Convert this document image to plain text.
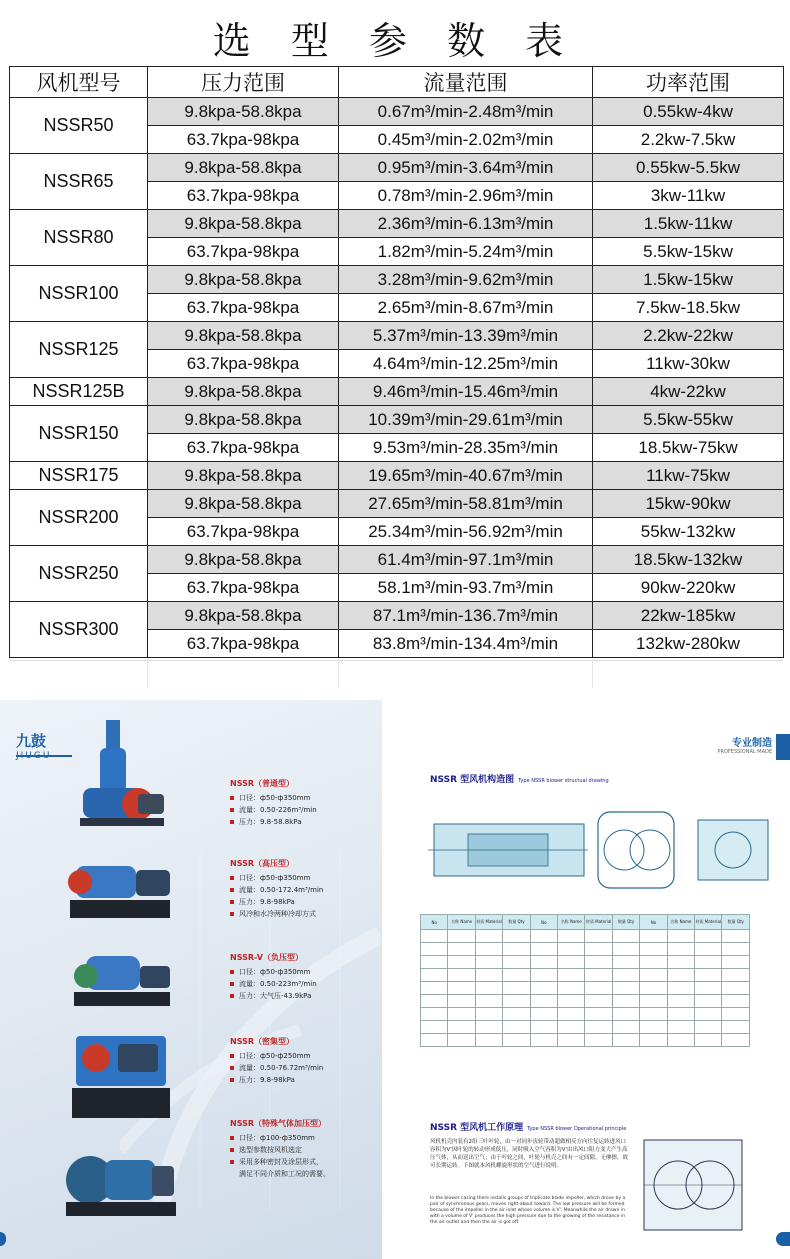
选 型 参 数 表
风机型号	压力范围	流量范围	功率范围
NSSR50	9.8kpa-58.8kpa	0.67m³/min-2.48m³/min	0.55kw-4kw
	63.7kpa-98kpa	0.45m³/min-2.02m³/min	2.2kw-7.5kw
NSSR65	9.8kpa-58.8kpa	0.95m³/min-3.64m³/min	0.55kw-5.5kw
	63.7kpa-98kpa	0.78m³/min-2.96m³/min	3kw-11kw
NSSR80	9.8kpa-58.8kpa	2.36m³/min-6.13m³/min	1.5kw-11kw
	63.7kpa-98kpa	1.82m³/min-5.24m³/min	5.5kw-15kw
NSSR100	9.8kpa-58.8kpa	3.28m³/min-9.62m³/min	1.5kw-15kw
	63.7kpa-98kpa	2.65m³/min-8.67m³/min	7.5kw-18.5kw
NSSR125	9.8kpa-58.8kpa	5.37m³/min-13.39m³/min	2.2kw-22kw
	63.7kpa-98kpa	4.64m³/min-12.25m³/min	11kw-30kw
NSSR125B	9.8kpa-58.8kpa	9.46m³/min-15.46m³/min	4kw-22kw
NSSR150	9.8kpa-58.8kpa	10.39m³/min-29.61m³/min	5.5kw-55kw
	63.7kpa-98kpa	9.53m³/min-28.35m³/min	18.5kw-75kw
NSSR175	9.8kpa-58.8kpa	19.65m³/min-40.67m³/min	11kw-75kw
NSSR200	9.8kpa-58.8kpa	27.65m³/min-58.81m³/min	15kw-90kw
	63.7kpa-98kpa	25.34m³/min-56.92m³/min	55kw-132kw
NSSR250	9.8kpa-58.8kpa	61.4m³/min-97.1m³/min	18.5kw-132kw
	63.7kpa-98kpa	58.1m³/min-93.7m³/min	90kw-220kw
NSSR300	9.8kpa-58.8kpa	87.1m³/min-136.7m³/min	22kw-185kw
	63.7kpa-98kpa	83.8m³/min-134.4m³/min	132kw-280kw
九鼓
NSSR（普通型）
口径：ф50-ф350mm
流量：0.50-226m³/min
压力：9.8-58.8kPa
NSSR（高压型）
口径：ф50-ф350mm
流量：0.50-172.4m³/min
压力：9.8-98kPa
风冷和水冷两种冷却方式
NSSR-V（负压型）
口径：ф50-ф350mm
流量：0.50-223m³/min
压力：大气压-43.9kPa
NSSR（密集型）
口径：ф50-ф250mm
流量：0.50-76.72m³/min
压力：9.8-98kPa
NSSR（特殊气体加压型）
口径：ф100-ф350mm
选型参数按风机选定
采用多种密封及涂层形式，
满足不同介质和工况的需要。
专业制造
PROFESSIONAL MADE
NSSR 型风机构造图 Type NSSR blower structual drawing
No	名称 Name	材质 Material	数量 Qty	No	名称 Name	材质 Material	数量 Qty	No	名称 Name	材质 Material	数量 Qty

NSSR 型风机工作原理 Type NSSR blower Operational principle
风机机壳内装有2组三叶叶轮，由一对同步齿轮带动超做相反方向往复运转进风口容积为V'因叶轮的转动形成低压，同时吸入空气容积为V'由出风口阻力变大产生高压气体，从而送出空气；由于叶轮之间，叶轮与机壳之间有一定间隙，无摩擦，故可长期运转。下图就本风机螺旋形状的空气进行说明。
In the blower casing there installs groups of triplicate blade impeller, which drove by a pair of synchronous gears, moves right-about toward. The low pressure will be formed because of the impeller in the air inlet whose volume is V'. Meanwhile the air drawn in with a volume of V' produces the high pressure due to the growing of the resistance in the air outlet and then the air is got off.
08
